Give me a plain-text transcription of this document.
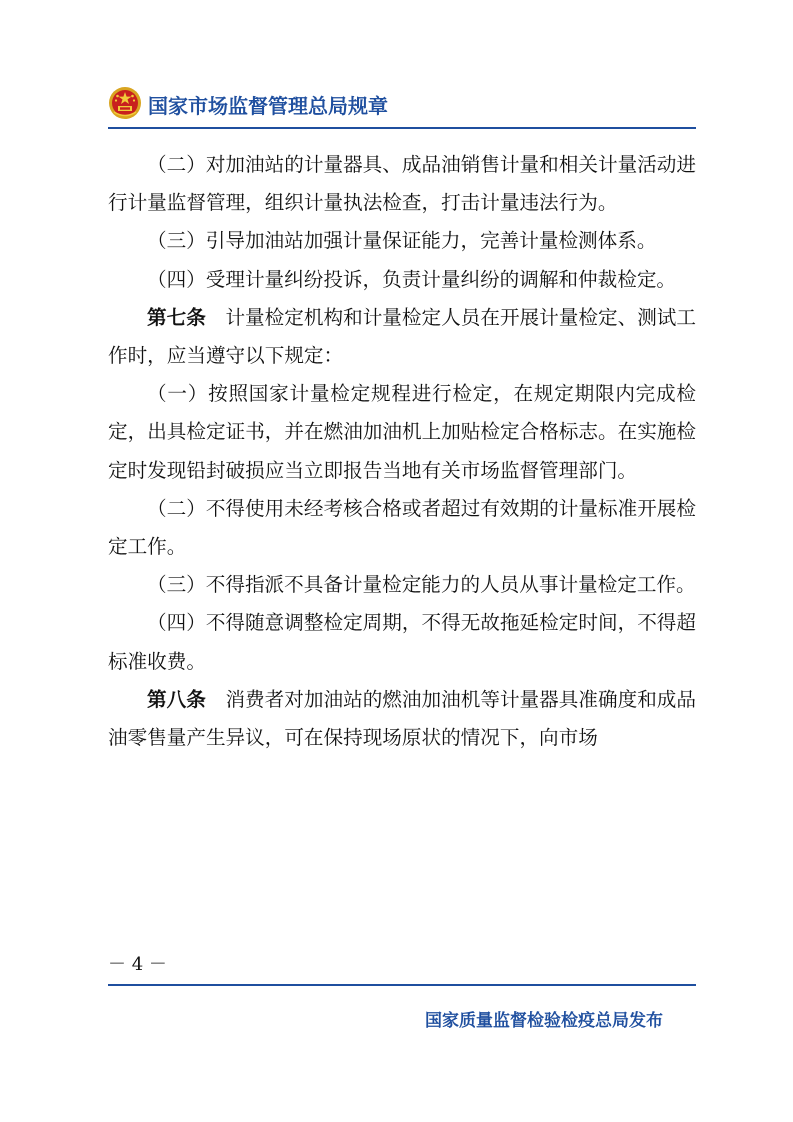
国家市场监督管理总局规章

（二）对加油站的计量器具、成品油销售计量和相关计量活动进行计量监督管理，组织计量执法检查，打击计量违法行为。

（三）引导加油站加强计量保证能力，完善计量检测体系。

（四）受理计量纠纷投诉，负责计量纠纷的调解和仲裁检定。

第七条　 计量检定机构和计量检定人员在开展计量检定、测试工作时，应当遵守以下规定：

（一）按照国家计量检定规程进行检定，在规定期限内完成检定，出具检定证书，并在燃油加油机上加贴检定合格标志。在实施检定时发现铅封破损应当立即报告当地有关市场监督管理部门。

（二）不得使用未经考核合格或者超过有效期的计量标准开展检定工作。

（三）不得指派不具备计量检定能力的人员从事计量检定工作。

（四）不得随意调整检定周期，不得无故拖延检定时间，不得超标准收费。

第八条　 消费者对加油站的燃油加油机等计量器具准确度和成品油零售量产生异议，可在保持现场原状的情况下，向市场

－ 4 －
国家质量监督检验检疫总局发布
